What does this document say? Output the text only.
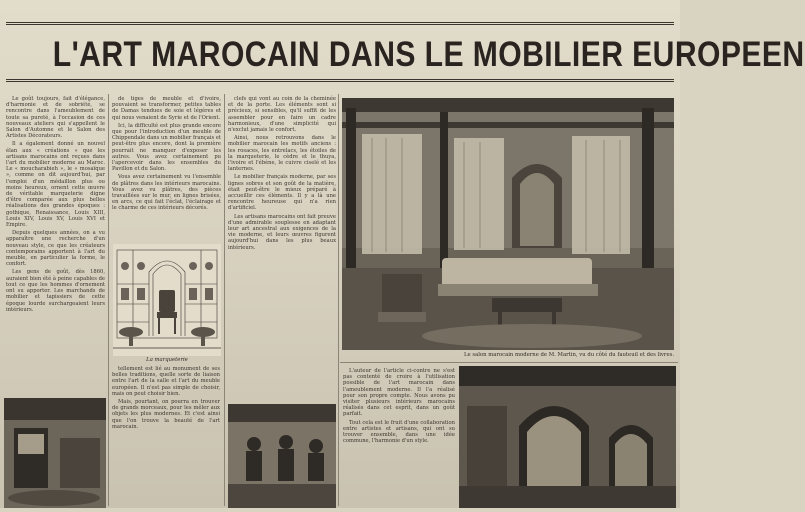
L'ART MAROCAIN DANS LE MOBILIER EUROPEEN

Le goût toujours, fait d'élégance, d'harmonie et de sobriété, se rencontre dans l'ameublement de toute sa pureté, à l'occasion de ces nouveaux ateliers qui s'appellent le Salon d'Automne et le Salon des Artistes Décorateurs.

Il a également donné un nouvel élan aux « créations » que les artisans marocains ont reçues dans l'art du mobilier moderne au Maroc. Le « moucharabieh », le « mosaïque », comme on dit aujourd'hui, par l'emploi d'un médaillon plus ou moins heureux, ornent cette œuvre de véritable marqueterie digne d'être comparée aux plus belles réalisations des grandes époques : gothique, Renaissance, Louis XIII, Louis XIV, Louis XV, Louis XVI et Empire.

Depuis quelques années, on a vu apparaître une recherche d'un nouveau style, ce que les créateurs contemporains apportent à l'art du meuble, en particulier la forme, le confort.

Les gens de goût, dès 1860, auraient bien été à peine capables de tout ce que les hommes d'ornement ont su apporter. Les marchands de mobilier et tapissiers de cette époque lourde surchargeaient leurs intérieurs.

de tiges de meuble et d'ivoire, pouvaient se transformer, petites tables de Damas tendues de soie et légères et qui nous venaient de Syrie et de l'Orient.

Ici, la difficulté est plus grande encore que pour l'introduction d'un meuble de Chippendale dans un mobilier français et peut-être plus encore, dont la première pourrait ne manquer d'exposer les autres. Vous avez certainement pu l'apercevoir dans les ensembles du Pavillon et du Salon.

Vous avez certainement vu l'ensemble de plâtres dans les intérieurs marocains. Vous avez vu plâtres, des pièces travaillées sur le mur, en lignes brisées, en arcs, ce qui fait l'éclat, l'éclairage et le charme de ces intérieurs décorés.

clefs qui vont au coin de la cheminée et de la porte. Les éléments sont si précieux, si sensibles, qu'il suffit de les assembler pour en faire un cadre harmonieux, d'une simplicité qui n'exclut jamais le confort.

Ainsi, nous retrouvons dans le mobilier marocain les motifs anciens : les rosaces, les entrelacs, les étoiles de la marqueterie, le cèdre et le thuya, l'ivoire et l'ébène, le cuivre ciselé et les lanternes.

Le mobilier français moderne, par ses lignes sobres et son goût de la matière, était peut-être le mieux préparé à accueillir ces éléments. Il y a là une rencontre heureuse qui n'a rien d'artificiel.

Les artisans marocains ont fait preuve d'une admirable souplesse en adaptant leur art ancestral aux exigences de la vie moderne, et leurs œuvres figurent aujourd'hui dans les plus beaux intérieurs.

La marqueterie
Le salon marocain moderne de M. Martin, vu du côté du fauteuil et des livres.

L'auteur de l'article ci-contre ne s'est pas contenté de croire à l'utilisation possible de l'art marocain dans l'ameublement moderne. Il l'a réalisé pour son propre compte. Nous avons pu visiter plusieurs intérieurs marocains réalisés dans cet esprit, dans un goût parfait.

Tout cela est le fruit d'une collaboration entre artistes et artisans, qui ont su trouver ensemble, dans une idée commune, l'harmonie d'un style.

tellement est lié au monument de ses belles traditions, quelle sorte de liaison entre l'art de la salle et l'art du meuble européen. Il n'est pas simple de choisir, mais on peut choisir bien.

Mais, pourtant, on pourra en trouver de grands morceaux, pour les mêler aux objets les plus modernes. Et c'est ainsi que l'on trouve la beauté de l'art marocain.
